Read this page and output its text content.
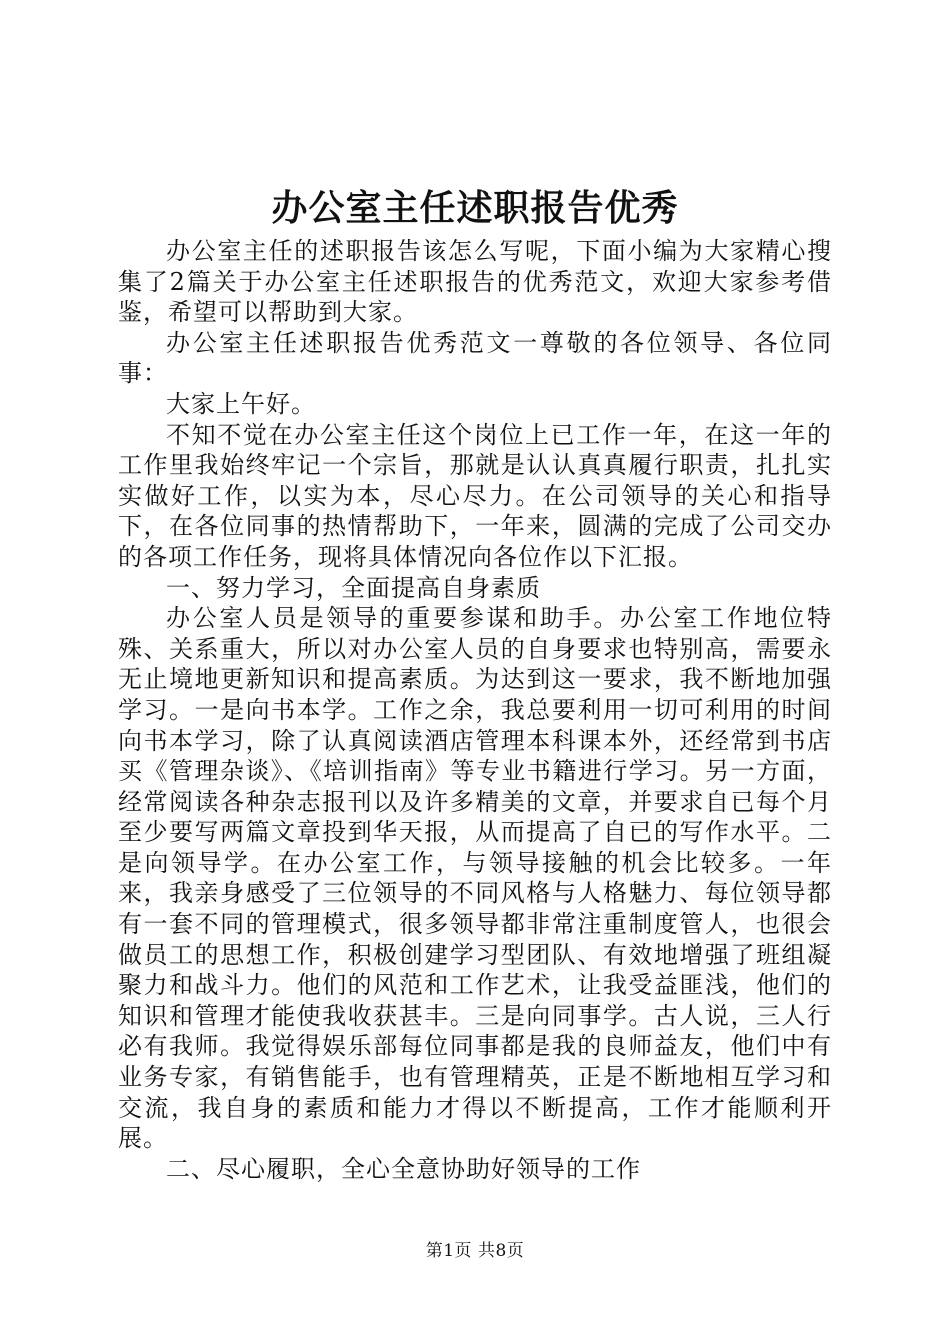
办公室主任述职报告优秀

办公室主任的述职报告该怎么写呢，下面小编为大家精心搜集了2篇关于办公室主任述职报告的优秀范文，欢迎大家参考借鉴，希望可以帮助到大家。

办公室主任述职报告优秀范文一尊敬的各位领导、各位同事：

大家上午好。

不知不觉在办公室主任这个岗位上已工作一年，在这一年的工作里我始终牢记一个宗旨，那就是认认真真履行职责，扎扎实实做好工作，以实为本，尽心尽力。在公司领导的关心和指导下，在各位同事的热情帮助下，一年来，圆满的完成了公司交办的各项工作任务，现将具体情况向各位作以下汇报。

一、努力学习，全面提高自身素质

办公室人员是领导的重要参谋和助手。办公室工作地位特殊、关系重大，所以对办公室人员的自身要求也特别高，需要永无止境地更新知识和提高素质。为达到这一要求，我不断地加强学习。一是向书本学。工作之余，我总要利用一切可利用的时间向书本学习，除了认真阅读酒店管理本科课本外，还经常到书店买《管理杂谈》、《培训指南》等专业书籍进行学习。另一方面，经常阅读各种杂志报刊以及许多精美的文章，并要求自已每个月至少要写两篇文章投到华天报，从而提高了自已的写作水平。二是向领导学。在办公室工作，与领导接触的机会比较多。一年来，我亲身感受了三位领导的不同风格与人格魅力、每位领导都有一套不同的管理模式，很多领导都非常注重制度管人，也很会做员工的思想工作，积极创建学习型团队、有效地增强了班组凝聚力和战斗力。他们的风范和工作艺术，让我受益匪浅，他们的知识和管理才能使我收获甚丰。三是向同事学。古人说，三人行必有我师。我觉得娱乐部每位同事都是我的良师益友，他们中有业务专家，有销售能手，也有管理精英，正是不断地相互学习和交流，我自身的素质和能力才得以不断提高，工作才能顺利开展。

二、尽心履职，全心全意协助好领导的工作

第1页 共8页
